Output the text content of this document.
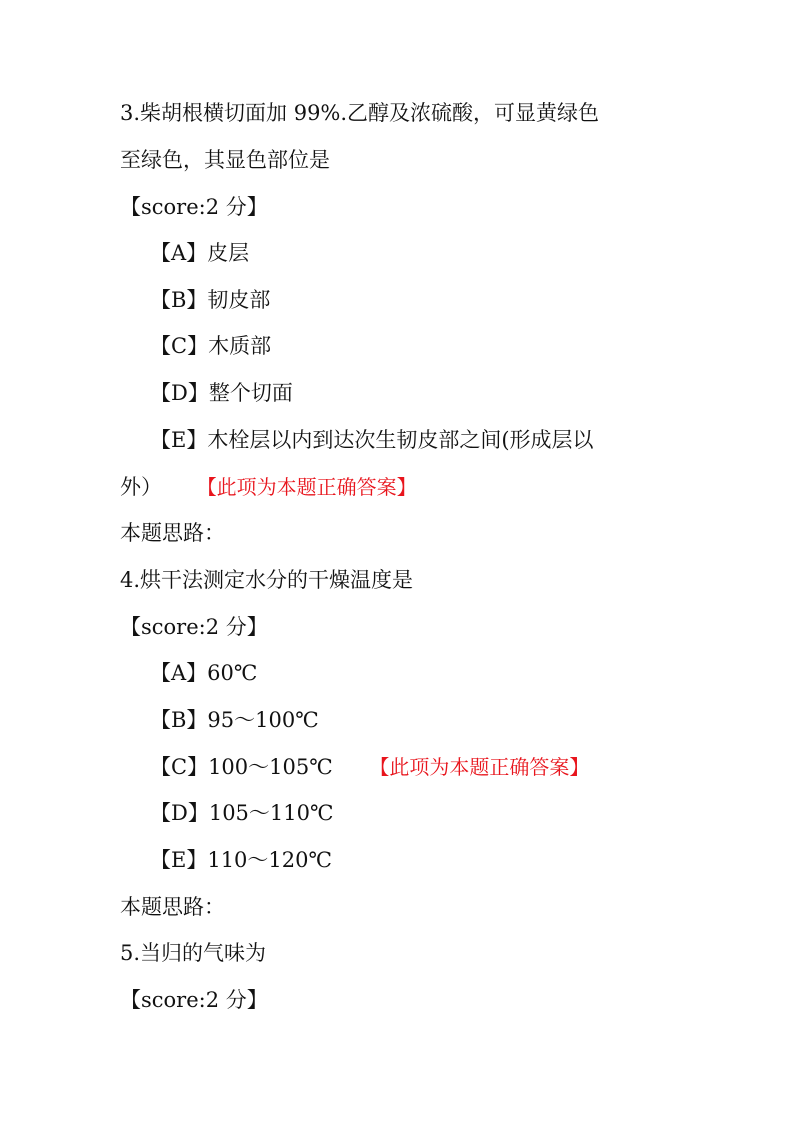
3.柴胡根横切面加 99%.乙醇及浓硫酸，可显黄绿色
至绿色，其显色部位是
【score:2 分】
【A】皮层
【B】韧皮部
【C】木质部
【D】整个切面
【E】木栓层以内到达次生韧皮部之间(形成层以
外） 【此项为本题正确答案】
本题思路：
4.烘干法测定水分的干燥温度是
【score:2 分】
【A】60℃
【B】95～100℃
【C】100～105℃ 【此项为本题正确答案】
【D】105～110℃
【E】110～120℃
本题思路：
5.当归的气味为
【score:2 分】
